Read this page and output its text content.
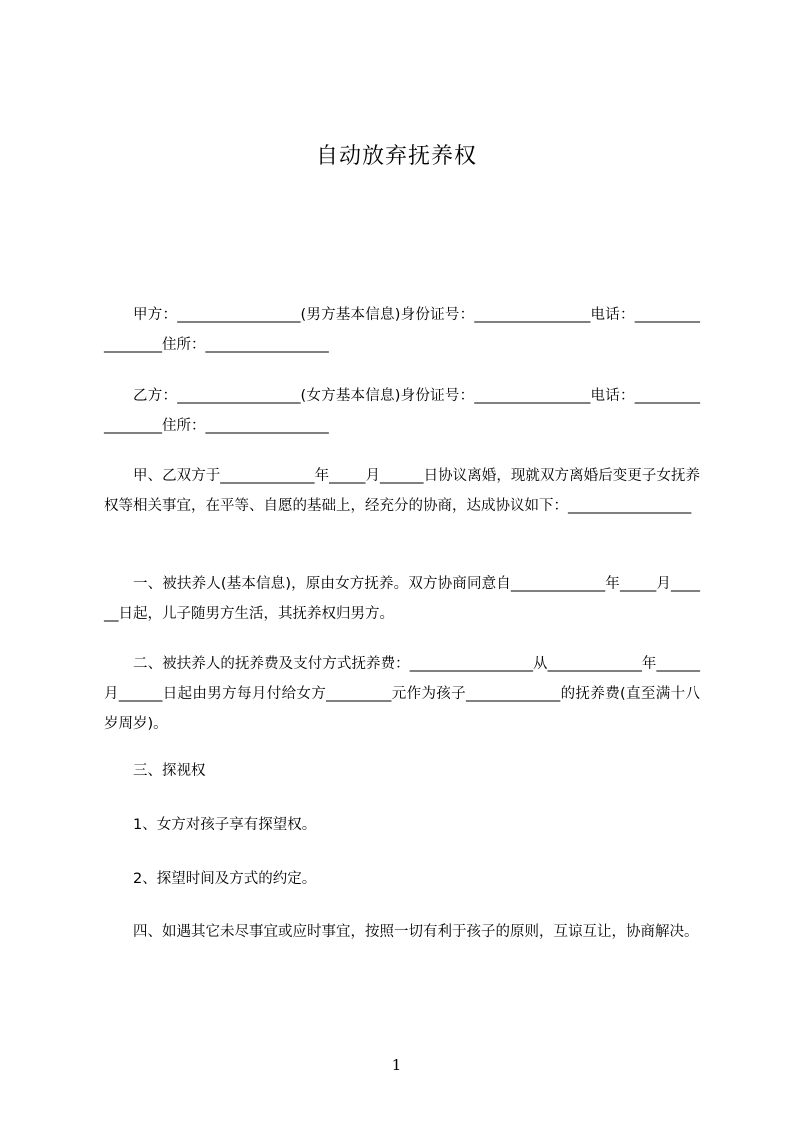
自动放弃抚养权

甲方：_________________(男方基本信息)身份证号：________________电话：_________________住所：_________________

乙方：_________________(女方基本信息)身份证号：________________电话：_________________住所：_________________

甲、乙双方于_____________年_____月______日协议离婚，现就双方离婚后变更子女抚养权等相关事宜，在平等、自愿的基础上，经充分的协商，达成协议如下：_________________

一、被扶养人(基本信息)，原由女方抚养。双方协商同意自_____________年_____月______日起，儿子随男方生活，其抚养权归男方。

二、被扶养人的抚养费及支付方式抚养费：_________________从_____________年______月______日起由男方每月付给女方_________元作为孩子_____________的抚养费(直至满十八岁周岁)。

三、探视权

1、女方对孩子享有探望权。

2、探望时间及方式的约定。

四、如遇其它未尽事宜或应时事宜，按照一切有利于孩子的原则，互谅互让，协商解决。

1
